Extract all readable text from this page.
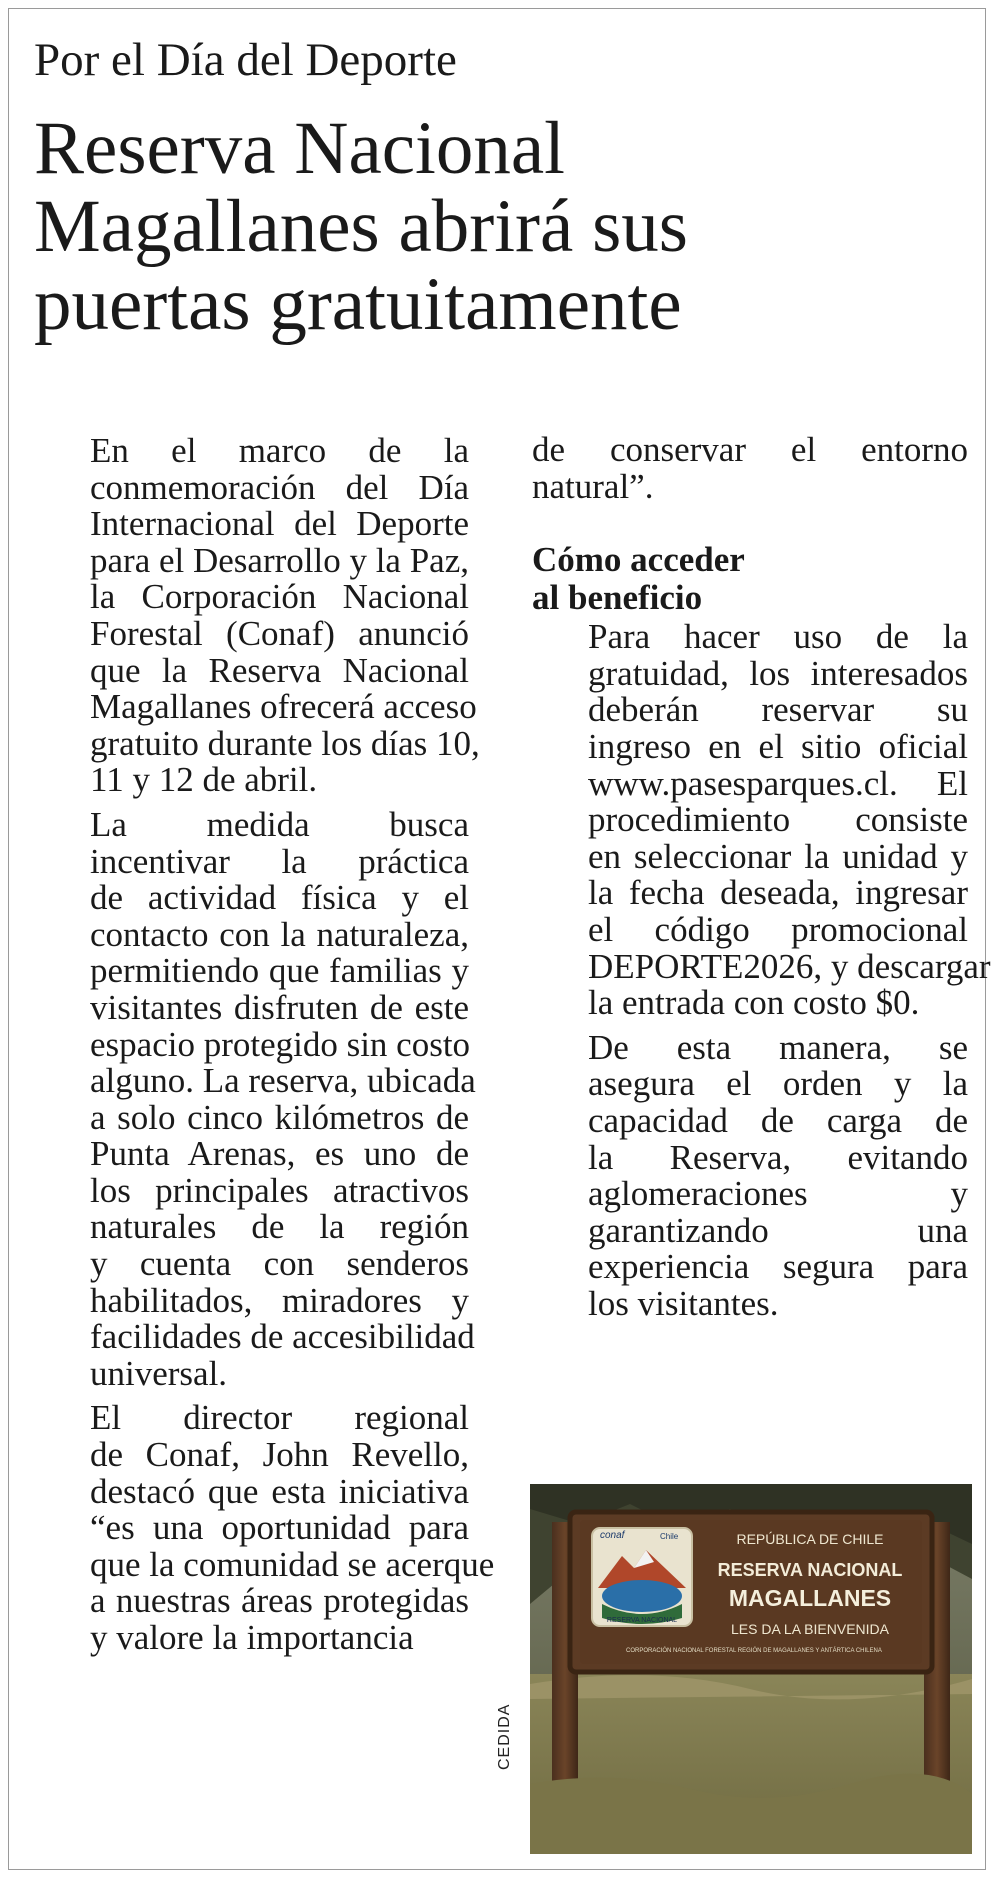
Por el Día del Deporte
Reserva Nacional
Magallanes abrirá sus
puertas gratuitamente

En el marco de la
conmemoración del Día
Internacional del Deporte
para el Desarrollo y la Paz,
la Corporación Nacional
Forestal (Conaf) anunció
que la Reserva Nacional
Magallanes ofrecerá acceso
gratuito durante los días 10,
11 y 12 de abril.

La medida busca
incentivar la práctica
de actividad física y el
contacto con la naturaleza,
permitiendo que familias y
visitantes disfruten de este
espacio protegido sin costo
alguno. La reserva, ubicada
a solo cinco kilómetros de
Punta Arenas, es uno de
los principales atractivos
naturales de la región
y cuenta con senderos
habilitados, miradores y
facilidades de accesibilidad
universal.

El director regional
de Conaf, John Revello,
destacó que esta iniciativa
“es una oportunidad para
que la comunidad se acerque
a nuestras áreas protegidas
y valore la importancia

de conservar el entorno
natural”.

Cómo acceder
al beneficio

Para hacer uso de la
gratuidad, los interesados
deberán reservar su
ingreso en el sitio oficial
www.pasesparques.cl. El
procedimiento consiste
en seleccionar la unidad y
la fecha deseada, ingresar
el código promocional
DEPORTE2026, y descargar
la entrada con costo $0.

De esta manera, se
asegura el orden y la
capacidad de carga de
la Reserva, evitando
aglomeraciones y
garantizando una
experiencia segura para
los visitantes.

RESERVA NACIONAL
conaf	Chile	REPÚBLICA DE CHILE
RESERVA NACIONAL
MAGALLANES
LES DA LA BIENVENIDA
CORPORACIÓN NACIONAL FORESTAL REGIÓN DE MAGALLANES Y ANTÁRTICA CHILENA
CEDIDA
